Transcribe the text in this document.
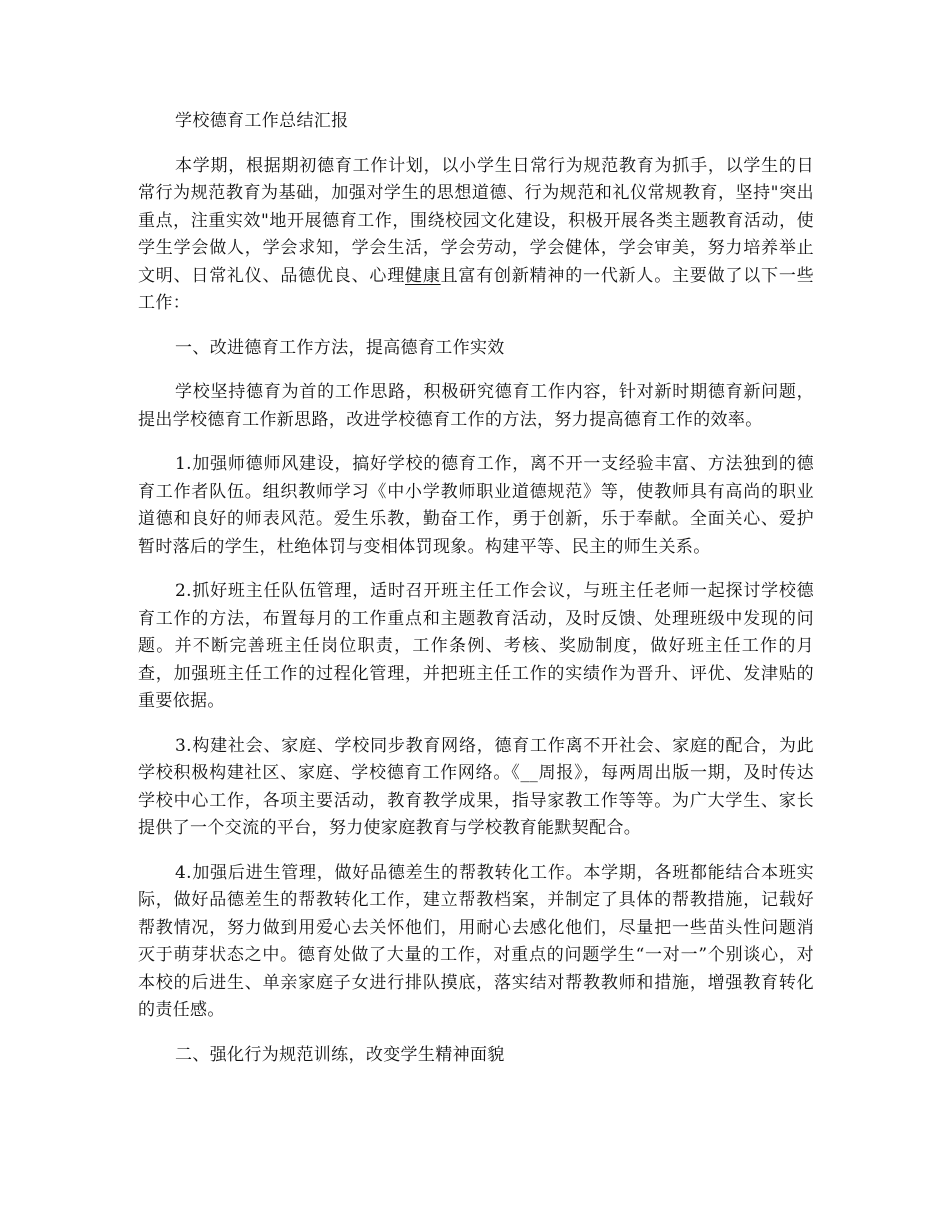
学校德育工作总结汇报

本学期，根据期初德育工作计划，以小学生日常行为规范教育为抓手，以学生的日常行为规范教育为基础，加强对学生的思想道德、行为规范和礼仪常规教育，坚持"突出重点，注重实效"地开展德育工作，围绕校园文化建设，积极开展各类主题教育活动，使学生学会做人，学会求知，学会生活，学会劳动，学会健体，学会审美，努力培养举止文明、日常礼仪、品德优良、心理健康且富有创新精神的一代新人。主要做了以下一些工作：

一、改进德育工作方法，提高德育工作实效

学校坚持德育为首的工作思路，积极研究德育工作内容，针对新时期德育新问题，提出学校德育工作新思路，改进学校德育工作的方法，努力提高德育工作的效率。

1.加强师德师风建设，搞好学校的德育工作，离不开一支经验丰富、方法独到的德育工作者队伍。组织教师学习《中小学教师职业道德规范》等，使教师具有高尚的职业道德和良好的师表风范。爱生乐教，勤奋工作，勇于创新，乐于奉献。全面关心、爱护暂时落后的学生，杜绝体罚与变相体罚现象。构建平等、民主的师生关系。

2.抓好班主任队伍管理，适时召开班主任工作会议，与班主任老师一起探讨学校德育工作的方法，布置每月的工作重点和主题教育活动，及时反馈、处理班级中发现的问题。并不断完善班主任岗位职责，工作条例、考核、奖励制度，做好班主任工作的月查，加强班主任工作的过程化管理，并把班主任工作的实绩作为晋升、评优、发津贴的重要依据。

3.构建社会、家庭、学校同步教育网络，德育工作离不开社会、家庭的配合，为此学校积极构建社区、家庭、学校德育工作网络。《__周报》，每两周出版一期，及时传达学校中心工作，各项主要活动，教育教学成果，指导家教工作等等。为广大学生、家长提供了一个交流的平台，努力使家庭教育与学校教育能默契配合。

4.加强后进生管理，做好品德差生的帮教转化工作。本学期，各班都能结合本班实际，做好品德差生的帮教转化工作，建立帮教档案，并制定了具体的帮教措施，记载好帮教情况，努力做到用爱心去关怀他们，用耐心去感化他们，尽量把一些苗头性问题消灭于萌芽状态之中。德育处做了大量的工作，对重点的问题学生“一对一”个别谈心，对本校的后进生、单亲家庭子女进行排队摸底，落实结对帮教教师和措施，增强教育转化的责任感。

二、强化行为规范训练，改变学生精神面貌
